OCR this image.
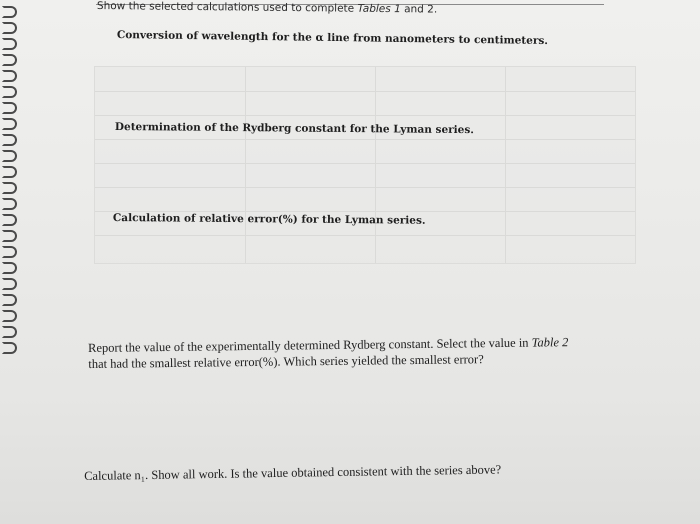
Show the selected calculations used to complete Tables 1 and 2.
Conversion of wavelength for the α line from nanometers to centimeters.
Determination of the Rydberg constant for the Lyman series.
Calculation of relative error(%) for the Lyman series.
Report the value of the experimentally determined Rydberg constant. Select the value in Table 2
that had the smallest relative error(%). Which series yielded the smallest error?
Calculate n₁. Show all work. Is the value obtained consistent with the series above?
